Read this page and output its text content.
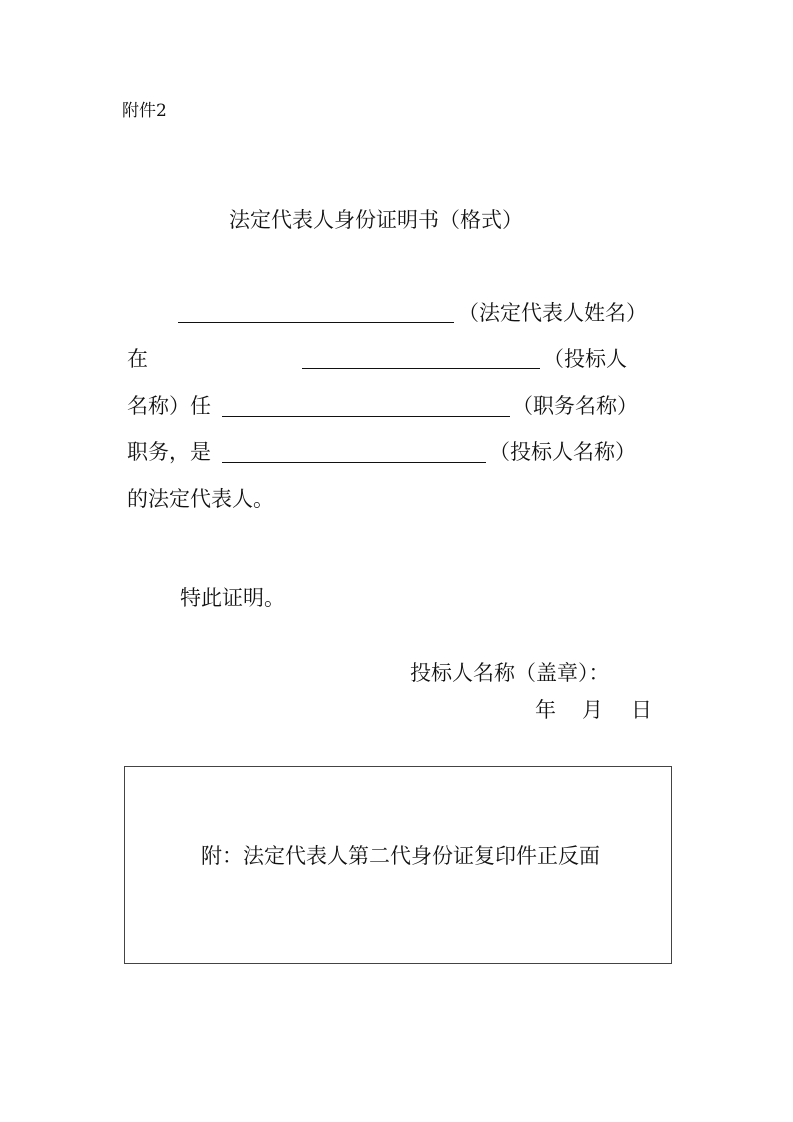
附件2
法定代表人身份证明书（格式）
（法定代表人姓名）
在	（投标人
名称）任	（职务名称）
职务，是	（投标人名称）
的法定代表人。
特此证明。
投标人名称（盖章）：
年 月 日
附：法定代表人第二代身份证复印件正反面
